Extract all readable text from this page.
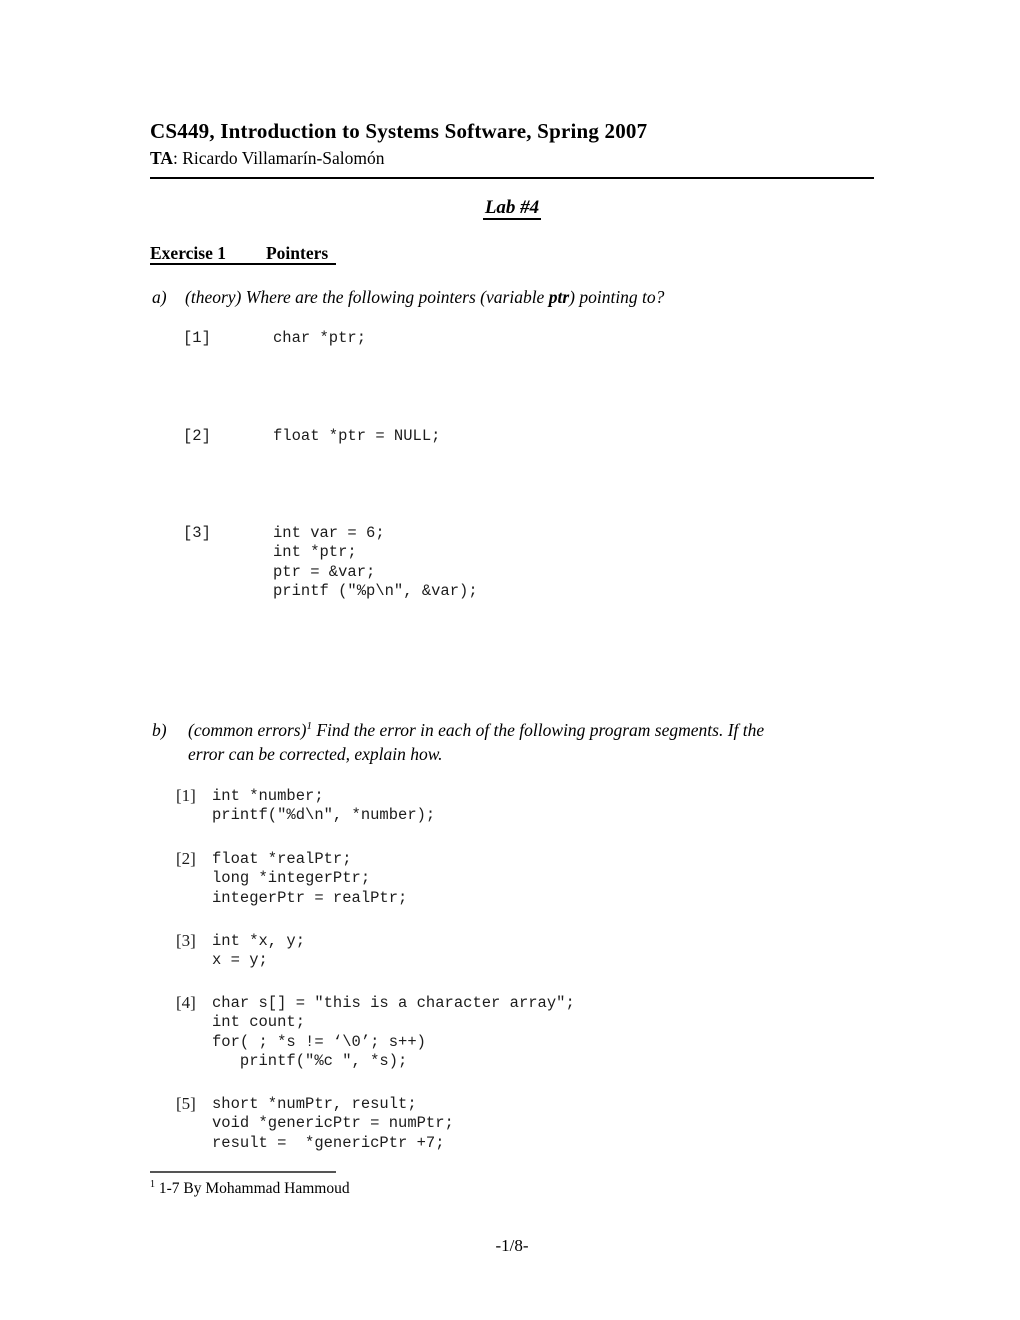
CS449, Introduction to Systems Software, Spring 2007
TA: Ricardo Villamarín-Salomón
Lab #4
Exercise 1 Pointers
a) (theory) Where are the following pointers (variable ptr) pointing to?
[1]	char *ptr;
[2]	float *ptr = NULL;
[3]	int var = 6;
int *ptr;
ptr = &var;
printf ("%p\n", &var);
b) (common errors)$^1$ Find the error in each of the following program segments. If the
error can be corrected, explain how.
[1] int *number;
printf("%d\n", *number);
[2] float *realPtr;
long *integerPtr;
integerPtr = realPtr;
[3] int *x, y;
x = y;
[4] char s[] = "this is a character array";
int count;
for( ; *s != ‘\0’; s++)
printf("%c ", *s);
[5] short *numPtr, result;
void *genericPtr = numPtr;
result =  *genericPtr +7;
$^1$ 1-7 By Mohammad Hammoud
-1/8-
